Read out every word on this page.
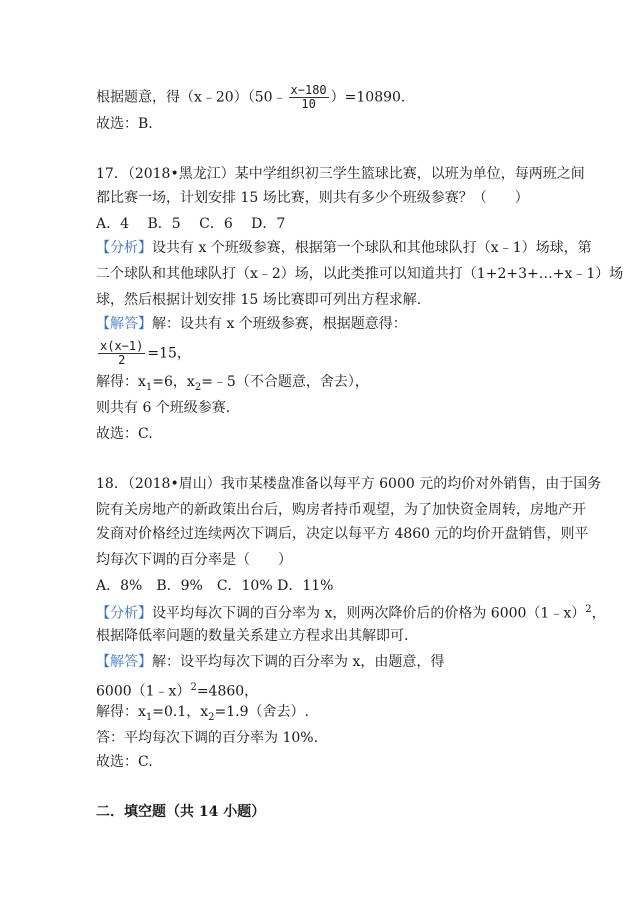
根据题意，得（x﹣20）（50﹣ $\frac{x-180}{10} )=10890$.
故选：B.
17．（2018•黑龙江）某中学组织初三学生篮球比赛，以班为单位，每两班之间
都比赛一场，计划安排 15 场比赛，则共有多少个班级参赛？（　　）
A．4　 B．5　 C．6　 D．7
【分析】设共有 x 个班级参赛，根据第一个球队和其他球队打（x﹣1）场球，第
二个球队和其他球队打（x﹣2）场，以此类推可以知道共打（1+2+3+…+x﹣1）场
球，然后根据计划安排 15 场比赛即可列出方程求解.
【解答】解：设共有 x 个班级参赛，根据题意得：
$\frac{x(x-1)}{2} =15$，
解得：$x_1=6$，$x_2=﹣5$（不合题意，舍去），
则共有 6 个班级参赛.
故选：C.
18．（2018•眉山）我市某楼盘准备以每平方 6000 元的均价对外销售，由于国务
院有关房地产的新政策出台后，购房者持币观望，为了加快资金周转，房地产开
发商对价格经过连续两次下调后，决定以每平方 4860 元的均价开盘销售，则平
均每次下调的百分率是（　　）
A．8%　B．9%　C．10% D．11%
【分析】设平均每次下调的百分率为 x，则两次降价后的价格为 6000（1﹣x）$^2$，
根据降低率问题的数量关系建立方程求出其解即可.
【解答】解：设平均每次下调的百分率为 x，由题意，得
6000（1﹣x）$^2$=4860，
解得：$x_1=0.1$，$x_2=1.9$（舍去）.
答：平均每次下调的百分率为 10%.
故选：C.
二．填空题（共 14 小题）
